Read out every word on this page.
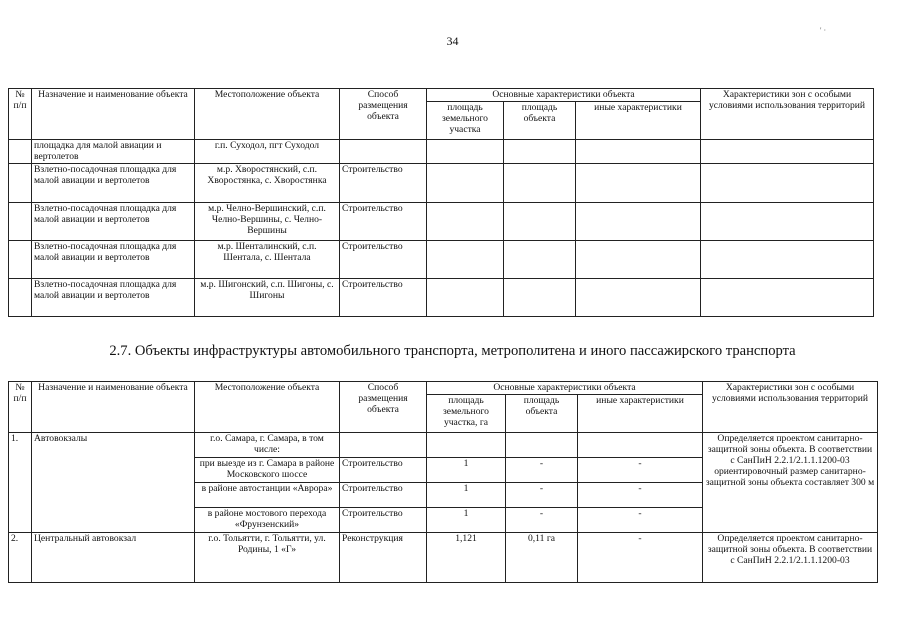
34
' ·
№ п/п	Назначение и наименование объекта	Местоположение объекта	Способ размещения объекта	Основные характеристики объекта			Характеристики зон с особыми условиями использования территорий
				площадь земельного участка	площадь объекта	иные характеристики	
	площадка для малой авиации и вертолетов	г.п. Суходол, пгт Суходол					
	Взлетно-посадочная площадка для малой авиации и вертолетов	м.р. Хворостянский, с.п. Хворостянка, с. Хворостянка	Строительство				
	Взлетно-посадочная площадка для малой авиации и вертолетов	м.р. Челно-Вершинский, с.п. Челно-Вершины, с. Челно-Вершины	Строительство				
	Взлетно-посадочная площадка для малой авиации и вертолетов	м.р. Шенталинский, с.п. Шентала, с. Шентала	Строительство				
	Взлетно-посадочная площадка для малой авиации и вертолетов	м.р. Шигонский, с.п. Шигоны, с. Шигоны	Строительство				
2.7. Объекты инфраструктуры автомобильного транспорта, метрополитена и иного пассажирского транспорта
№ п/п	Назначение и наименование объекта	Местоположение объекта	Способ размещения объекта	Основные характеристики объекта			Характеристики зон с особыми условиями использования территорий
				площадь земельного участка, га	площадь объекта	иные характеристики	
1.	Автовокзалы	г.о. Самара, г. Самара, в том числе:					Определяется проектом санитарно-защитной зоны объекта. В соответствии с СанПиН 2.2.1/2.1.1.1200-03 ориентировочный размер санитарно-защитной зоны объекта составляет 300 м
		при выезде из г. Самара в районе Московского шоссе	Строительство	1	-	-	
		в районе автостанции «Аврора»	Строительство	1	-	-	
		в районе мостового перехода «Фрунзенский»	Строительство	1	-	-	
2.	Центральный автовокзал	г.о. Тольятти, г. Тольятти, ул. Родины, 1 «Г»	Реконструкция	1,121	0,11 га	-	Определяется проектом санитарно-защитной зоны объекта. В соответствии с СанПиН 2.2.1/2.1.1.1200-03
